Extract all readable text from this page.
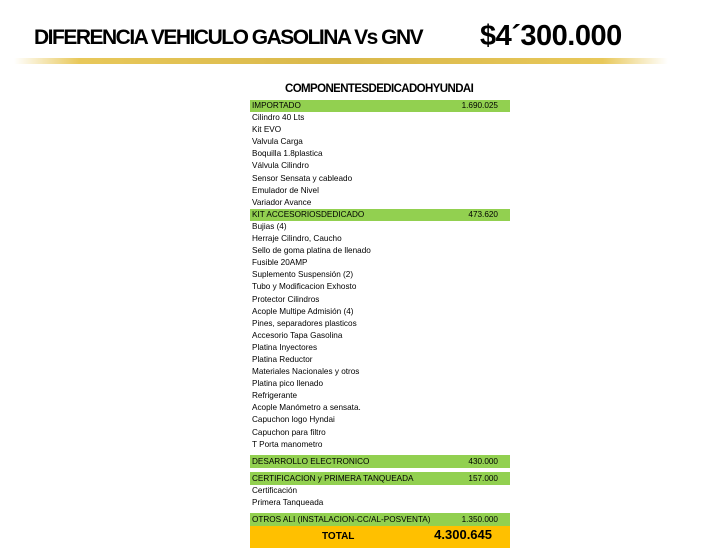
DIFERENCIA VEHICULO GASOLINA Vs GNV $4´300.000
COMPONENTESDEDICADOHYUNDAI
IMPORTADO	1.690.025
Cilindro 40 Lts
Kit EVO
Valvula Carga
Boquilla 1.8plastica
Válvula Cilindro
Sensor Sensata y cableado
Emulador de Nivel
Variador Avance
KIT ACCESORIOSDEDICADO	473.620
Bujias (4)
Herraje Cilindro, Caucho
Sello de goma platina de llenado
Fusible 20AMP
Suplemento Suspensión (2)
Tubo y Modificacion Exhosto
Protector Cilindros
Acople Multipe Admisión (4)
Pines, separadores plasticos
Accesorio Tapa Gasolina
Platina Inyectores
Platina Reductor
Materiales Nacionales y otros
Platina pico llenado
Refrigerante
Acople Manómetro a sensata.
Capuchon logo Hyndai
Capuchon para filtro
T Porta manometro
DESARROLLO ELECTRONICO	430.000
CERTIFICACION y PRIMERA TANQUEADA	157.000
Certificación
Primera Tanqueada
OTROS ALI (INSTALACION-CC/AL-POSVENTA)	1.350.000
TOTAL	4.300.645
